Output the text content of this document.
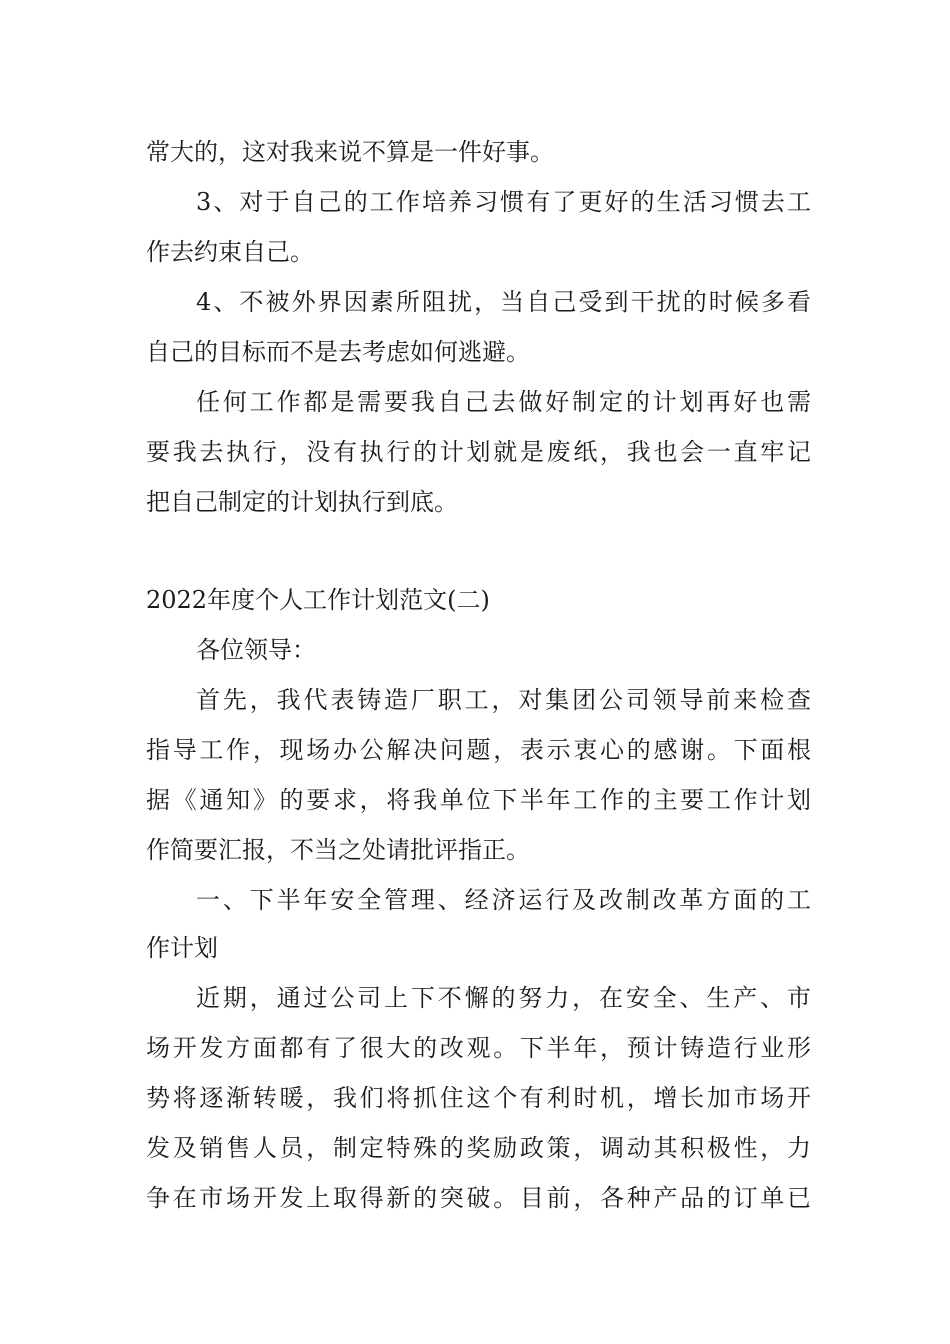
常大的，这对我来说不算是一件好事。
3、对于自己的工作培养习惯有了更好的生活习惯去工
作去约束自己。
4、不被外界因素所阻扰，当自己受到干扰的时候多看
自己的目标而不是去考虑如何逃避。
任何工作都是需要我自己去做好制定的计划再好也需
要我去执行，没有执行的计划就是废纸，我也会一直牢记
把自己制定的计划执行到底。
2022年度个人工作计划范文(二)
各位领导：
首先，我代表铸造厂职工，对集团公司领导前来检查
指导工作，现场办公解决问题，表示衷心的感谢。下面根
据《通知》的要求，将我单位下半年工作的主要工作计划
作简要汇报，不当之处请批评指正。
一、下半年安全管理、经济运行及改制改革方面的工
作计划
近期，通过公司上下不懈的努力，在安全、生产、市
场开发方面都有了很大的改观。下半年，预计铸造行业形
势将逐渐转暖，我们将抓住这个有利时机，增长加市场开
发及销售人员，制定特殊的奖励政策，调动其积极性，力
争在市场开发上取得新的突破。目前，各种产品的订单已
